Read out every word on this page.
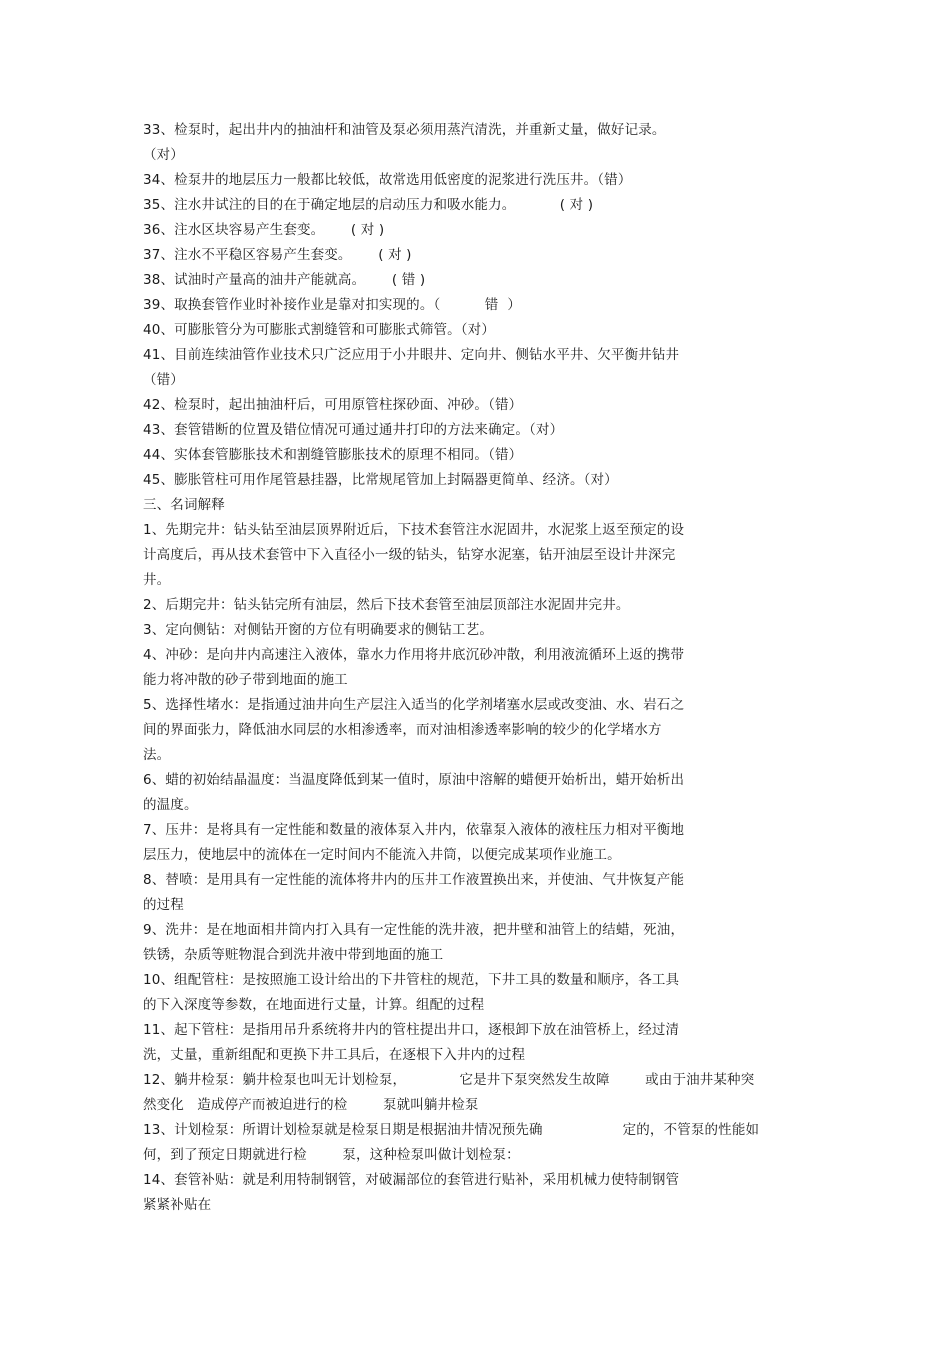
33、检泵时，起出井内的抽油杆和油管及泵必须用蒸汽清洗，并重新丈量，做好记录。
（对）
34、检泵井的地层压力一般都比较低，故常选用低密度的泥浆进行洗压井。（错）
35、注水井试注的目的在于确定地层的启动压力和吸水能力。          ( 对 )
36、注水区块容易产生套变。      ( 对 )
37、注水不平稳区容易产生套变。      ( 对 )
38、试油时产量高的油井产能就高。      ( 错 )
39、取换套管作业时补接作业是靠对扣实现的。（          错  ）
40、可膨胀管分为可膨胀式割缝管和可膨胀式筛管。（对）
41、目前连续油管作业技术只广泛应用于小井眼井、定向井、侧钻水平井、欠平衡井钻井
（错）
42、检泵时，起出抽油杆后，可用原管柱探砂面、冲砂。（错）
43、套管错断的位置及错位情况可通过通井打印的方法来确定。（对）
44、实体套管膨胀技术和割缝管膨胀技术的原理不相同。（错）
45、膨胀管柱可用作尾管悬挂器，比常规尾管加上封隔器更简单、经济。（对）
三、名词解释
1、先期完井：钻头钻至油层顶界附近后，下技术套管注水泥固井，水泥浆上返至预定的设
计高度后，再从技术套管中下入直径小一级的钻头，钻穿水泥塞，钻开油层至设计井深完
井。
2、后期完井：钻头钻完所有油层，然后下技术套管至油层顶部注水泥固井完井。
3、定向侧钻：对侧钻开窗的方位有明确要求的侧钻工艺。
4、冲砂：是向井内高速注入液体，靠水力作用将井底沉砂冲散，利用液流循环上返的携带
能力将冲散的砂子带到地面的施工
5、选择性堵水：是指通过油井向生产层注入适当的化学剂堵塞水层或改变油、水、岩石之
间的界面张力，降低油水同层的水相渗透率，而对油相渗透率影响的较少的化学堵水方
法。
6、蜡的初始结晶温度：当温度降低到某一值时，原油中溶解的蜡便开始析出，蜡开始析出
的温度。
7、压井：是将具有一定性能和数量的液体泵入井内，依靠泵入液体的液柱压力相对平衡地
层压力，使地层中的流体在一定时间内不能流入井筒，以便完成某项作业施工。
8、替喷：是用具有一定性能的流体将井内的压井工作液置换出来，并使油、气井恢复产能
的过程
9、洗井：是在地面相井筒内打入具有一定性能的洗井液，把井壁和油管上的结蜡，死油，
铁锈，杂质等赃物混合到洗井液中带到地面的施工
10、组配管柱：是按照施工设计给出的下井管柱的规范，下井工具的数量和顺序，各工具
的下入深度等参数，在地面进行丈量，计算。组配的过程
11、起下管柱：是指用吊升系统将井内的管柱提出井口，逐根卸下放在油管桥上，经过清
洗，丈量，重新组配和更换下井工具后，在逐根下入井内的过程
12、躺井检泵：躺井检泵也叫无计划检泵，            它是井下泵突然发生故障        或由于油井某种突
然变化   造成停产而被迫进行的检        泵就叫躺井检泵
13、计划检泵：所谓计划检泵就是检泵日期是根据油井情况预先确                  定的，不管泵的性能如
何，到了预定日期就进行检        泵，这种检泵叫做计划检泵：
14、套管补贴：就是利用特制钢管，对破漏部位的套管进行贴补，采用机械力使特制钢管
紧紧补贴在
